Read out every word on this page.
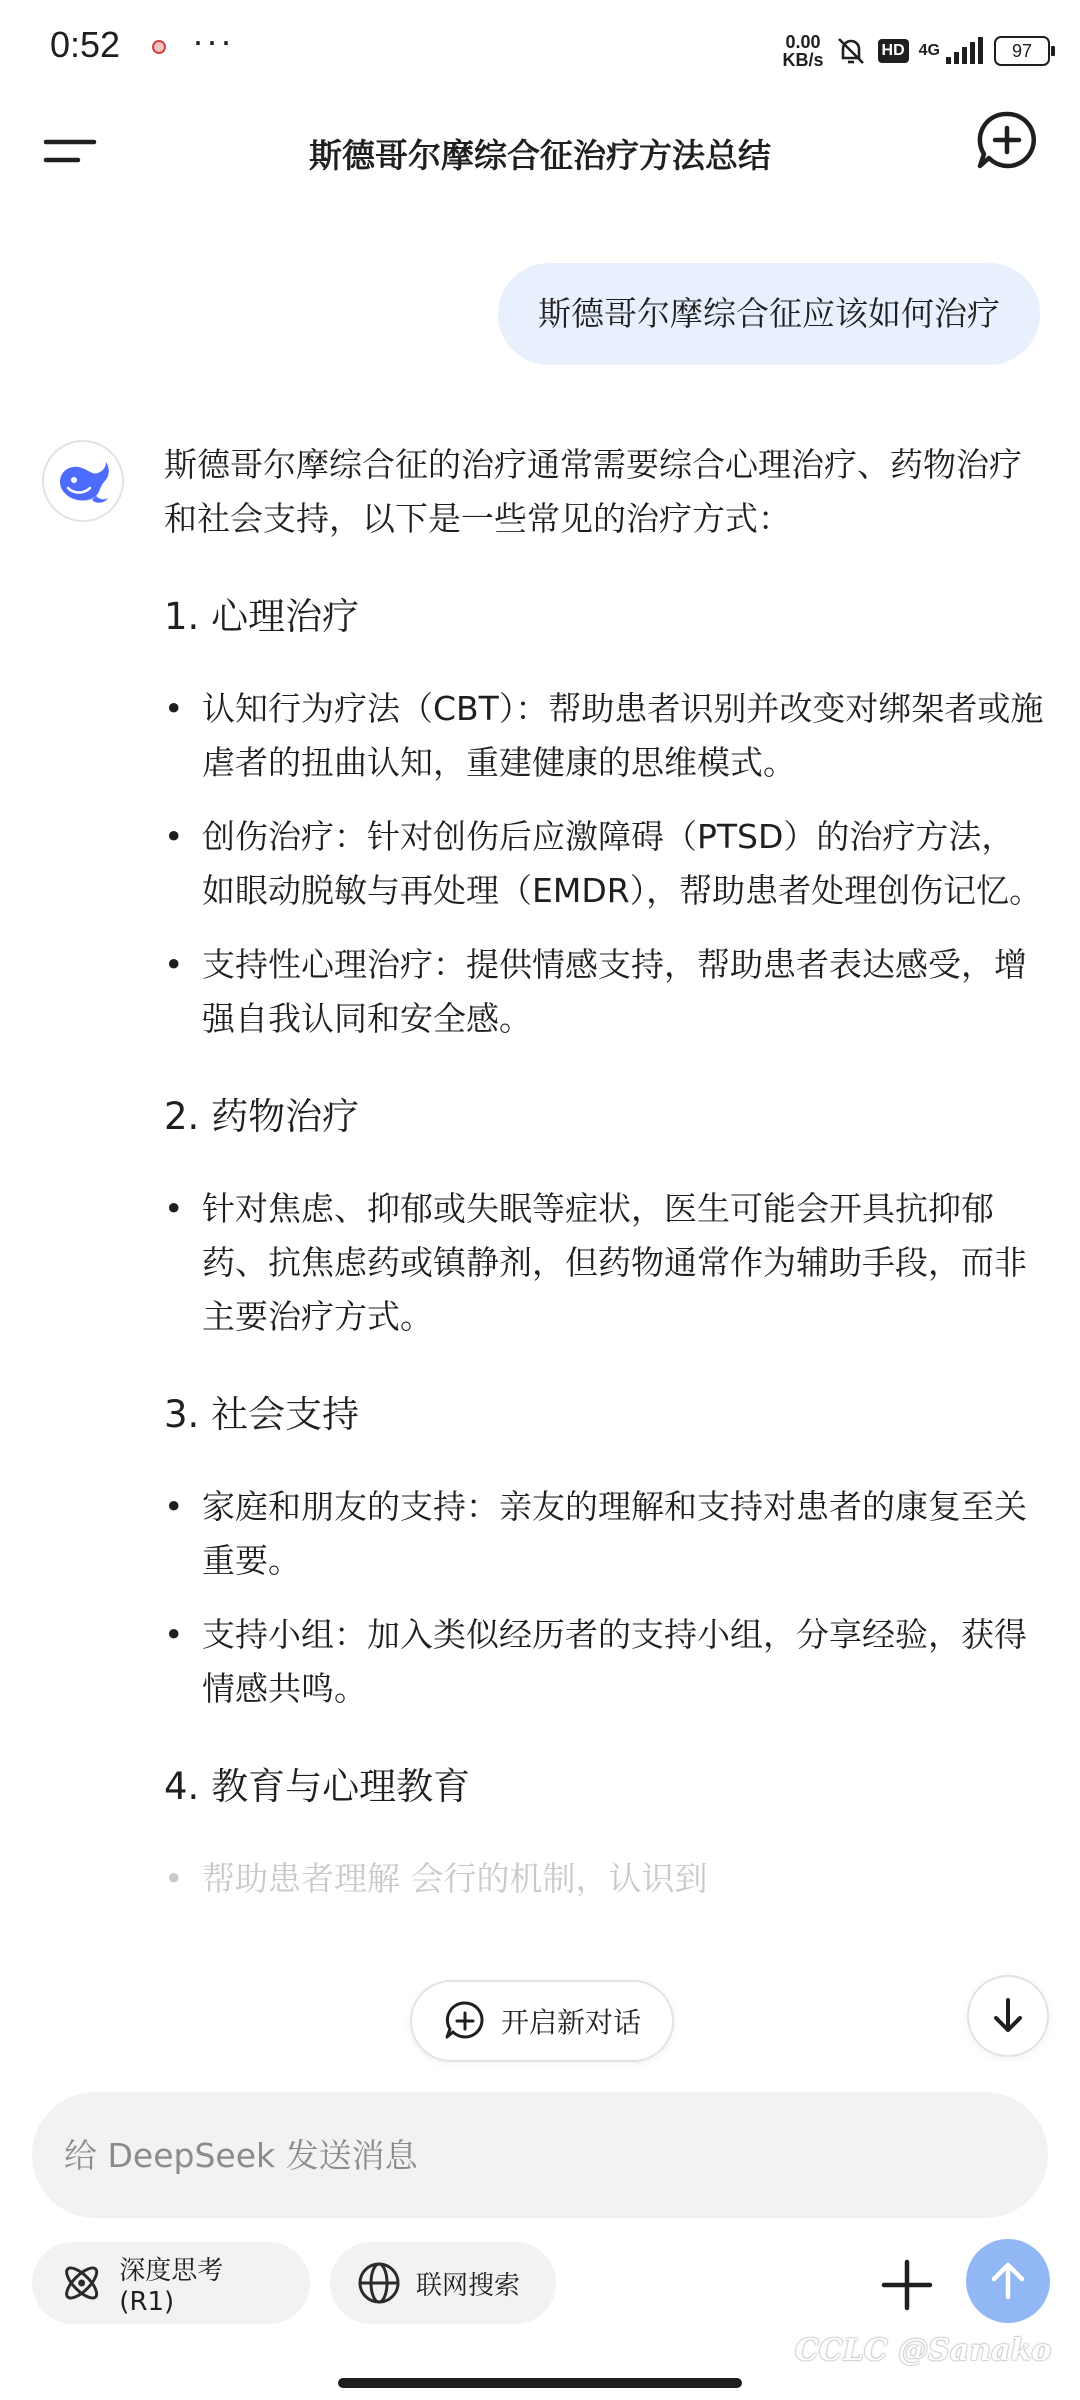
0:52 ···	0.00
KB/s	HD 4G	97
斯德哥尔摩综合征治疗方法总结
斯德哥尔摩综合征应该如何治疗

斯德哥尔摩综合征的治疗通常需要综合心理治疗、药物治疗和社会支持，以下是一些常见的治疗方式：

1. 心理治疗
• 认知行为疗法（CBT）：帮助患者识别并改变对绑架者或施虐者的扭曲认知，重建健康的思维模式。
• 创伤治疗：针对创伤后应激障碍（PTSD）的治疗方法，如眼动脱敏与再处理（EMDR），帮助患者处理创伤记忆。
• 支持性心理治疗：提供情感支持，帮助患者表达感受，增强自我认同和安全感。
2. 药物治疗
• 针对焦虑、抑郁或失眠等症状，医生可能会开具抗抑郁药、抗焦虑药或镇静剂，但药物通常作为辅助手段，而非主要治疗方式。
3. 社会支持
• 家庭和朋友的支持：亲友的理解和支持对患者的康复至关重要。
• 支持小组：加入类似经历者的支持小组，分享经验，获得情感共鸣。
4. 教育与心理教育
• 帮助患者理解 会行的机制，认识到
开启新对话
给 DeepSeek 发送消息
深度思考 (R1)
联网搜索
CCLC @Sanako
